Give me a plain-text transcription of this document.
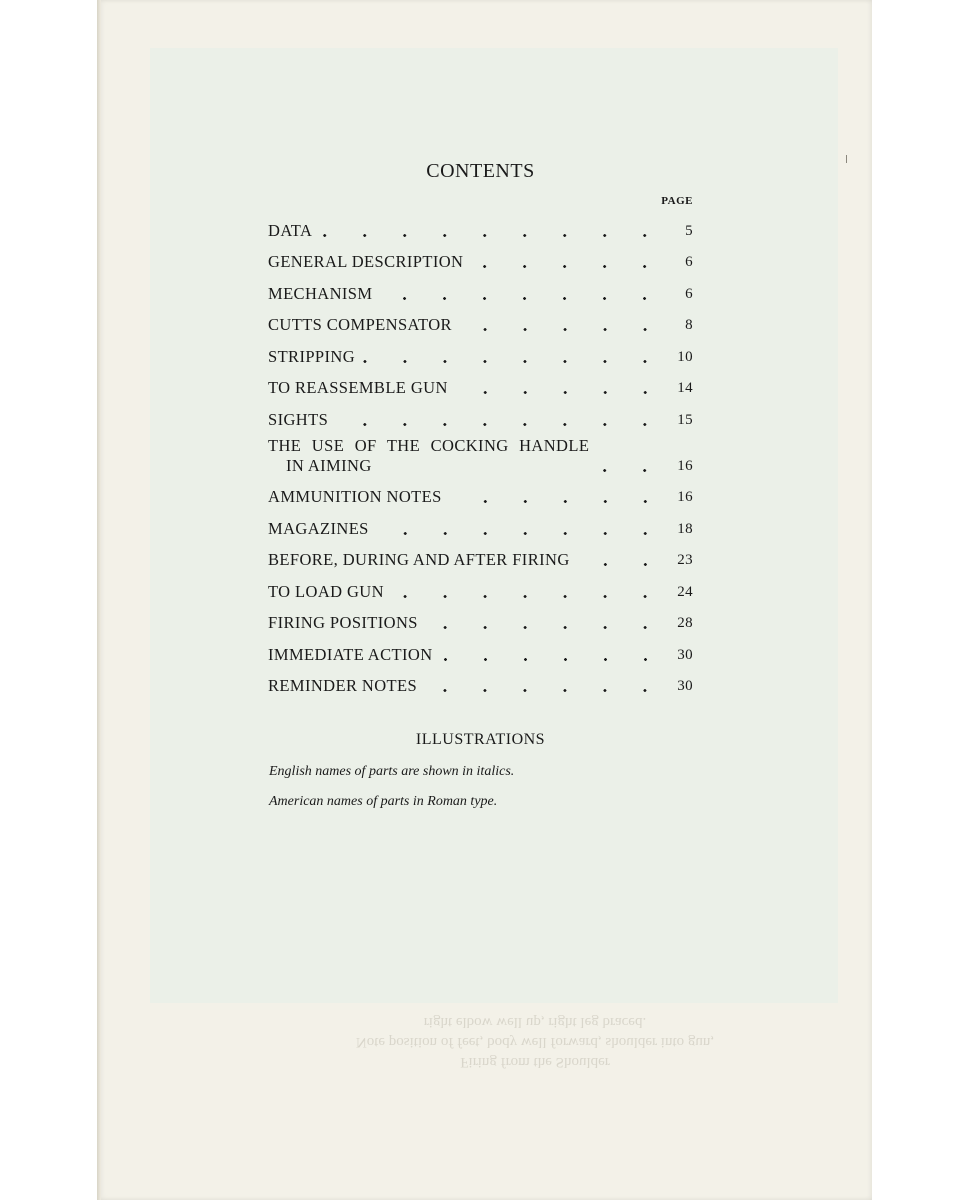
Firing from the Shoulder
Note position of feet, body well forward, shoulder into gun,
right elbow well up, right leg braced.
CONTENTS
PAGE
DATA	5
GENERAL DESCRIPTION	6
MECHANISM	6
CUTTS COMPENSATOR	8
STRIPPING	10
TO REASSEMBLE GUN	14
SIGHTS	15
THE USE OF THE COCKING HANDLE
IN AIMING	16
AMMUNITION NOTES	16
MAGAZINES	18
BEFORE, DURING AND AFTER FIRING	23
TO LOAD GUN	24
FIRING POSITIONS	28
IMMEDIATE ACTION	30
REMINDER NOTES	30
ILLUSTRATIONS

English names of parts are shown in italics.

American names of parts in Roman type.
